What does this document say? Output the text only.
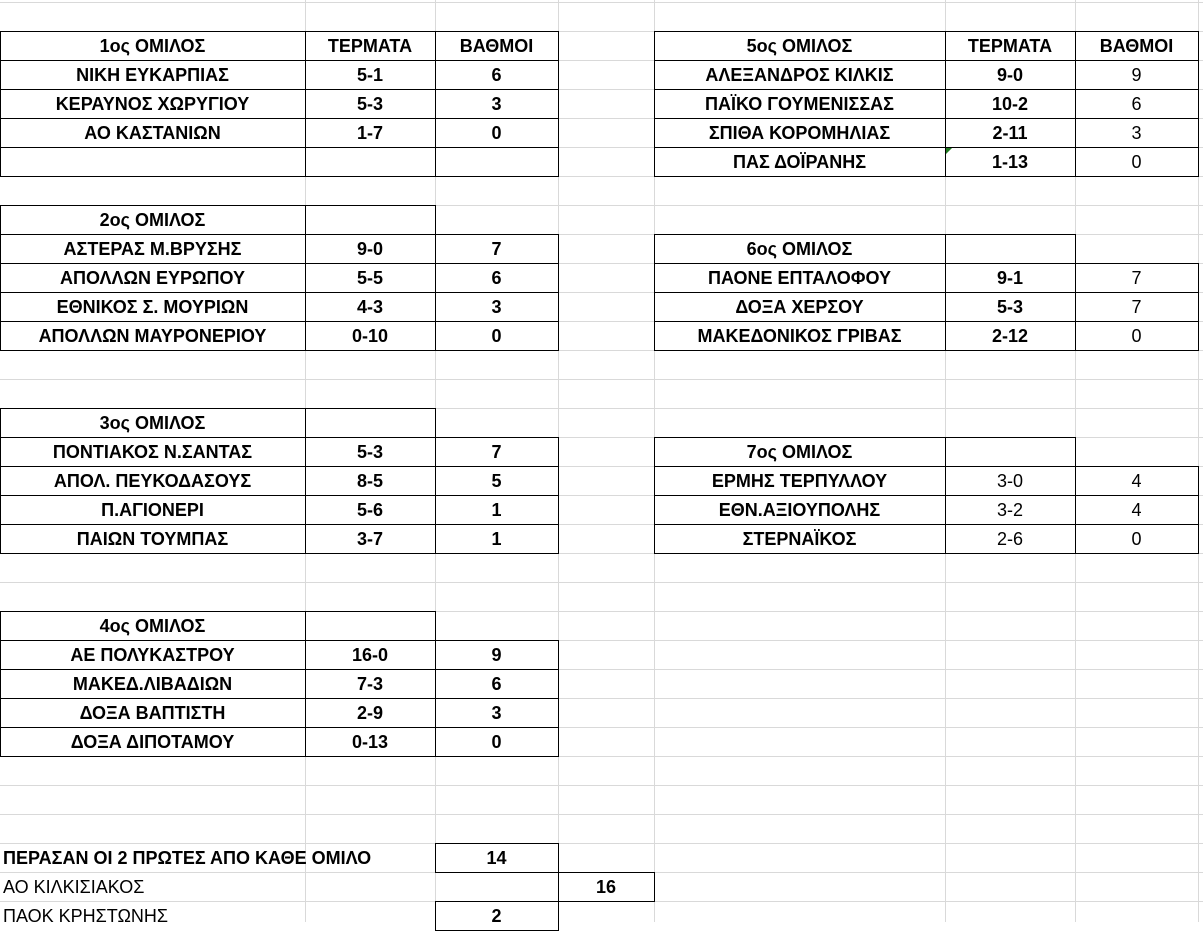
1ος ΟΜΙΛΟΣ	ΤΕΡΜΑΤΑ	ΒΑΘΜΟΙ
ΝΙΚΗ ΕΥΚΑΡΠΙΑΣ	5-1	6
ΚΕΡΑΥΝΟΣ ΧΩΡΥΓΙΟΥ	5-3	3
ΑΟ ΚΑΣΤΑΝΙΩΝ	1-7	0
2ος ΟΜΙΛΟΣ
ΑΣΤΕΡΑΣ Μ.ΒΡΥΣΗΣ	9-0	7
ΑΠΟΛΛΩΝ ΕΥΡΩΠΟΥ	5-5	6
ΕΘΝΙΚΟΣ Σ. ΜΟΥΡΙΩΝ	4-3	3
ΑΠΟΛΛΩΝ ΜΑΥΡΟΝΕΡΙΟΥ	0-10	0
3ος ΟΜΙΛΟΣ
ΠΟΝΤΙΑΚΟΣ Ν.ΣΑΝΤΑΣ	5-3	7
ΑΠΟΛ. ΠΕΥΚΟΔΑΣΟΥΣ	8-5	5
Π.ΑΓΙΟΝΕΡΙ	5-6	1
ΠΑΙΩΝ ΤΟΥΜΠΑΣ	3-7	1
4ος ΟΜΙΛΟΣ
ΑΕ ΠΟΛΥΚΑΣΤΡΟΥ	16-0	9
ΜΑΚΕΔ.ΛΙΒΑΔΙΩΝ	7-3	6
ΔΟΞΑ ΒΑΠΤΙΣΤΗ	2-9	3
ΔΟΞΑ ΔΙΠΟΤΑΜΟΥ	0-13	0
5ος ΟΜΙΛΟΣ	ΤΕΡΜΑΤΑ	ΒΑΘΜΟΙ
ΑΛΕΞΑΝΔΡΟΣ ΚΙΛΚΙΣ	9-0	9
ΠΑΪΚΟ ΓΟΥΜΕΝΙΣΣΑΣ	10-2	6
ΣΠΙΘΑ ΚΟΡΟΜΗΛΙΑΣ	2-11	3
ΠΑΣ ΔΟΪΡΑΝΗΣ	1-13	0
6ος ΟΜΙΛΟΣ
ΠΑΟΝΕ ΕΠΤΑΛΟΦΟΥ	9-1	7
ΔΟΞΑ ΧΕΡΣΟΥ	5-3	7
ΜΑΚΕΔΟΝΙΚΟΣ ΓΡΙΒΑΣ	2-12	0
7ος ΟΜΙΛΟΣ
ΕΡΜΗΣ ΤΕΡΠΥΛΛΟΥ	3-0	4
ΕΘΝ.ΑΞΙΟΥΠΟΛΗΣ	3-2	4
ΣΤΕΡΝΑΪΚΟΣ	2-6	0
ΠΕΡΑΣΑΝ ΟΙ 2 ΠΡΩΤΕΣ ΑΠΟ ΚΑΘΕ ΟΜΙΛΟ	14
ΑΟ ΚΙΛΚΙΣΙΑΚΟΣ	16
ΠΑΟΚ ΚΡΗΣΤΩΝΗΣ	2
